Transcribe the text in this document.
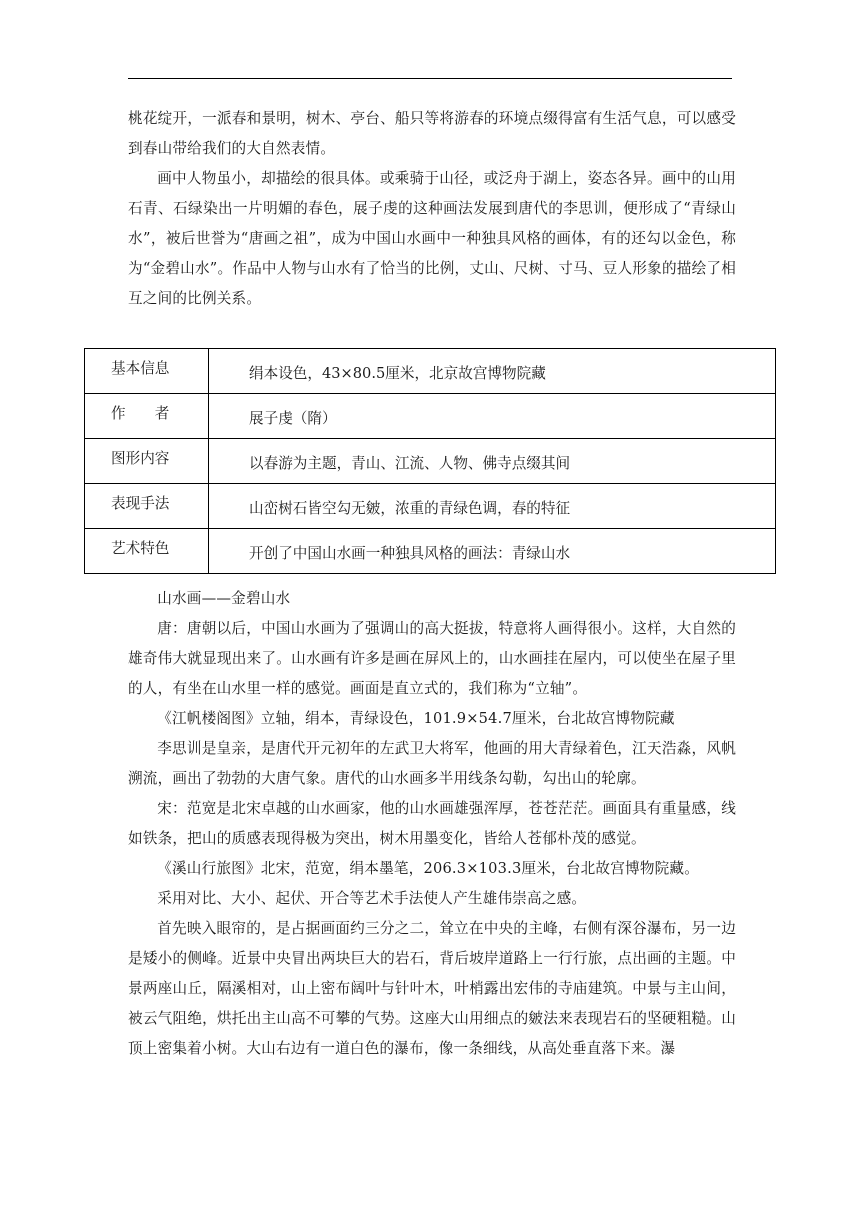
桃花绽开，一派春和景明，树木、亭台、船只等将游春的环境点缀得富有生活气息，可以感受到春山带给我们的大自然表情。

画中人物虽小，却描绘的很具体。或乘骑于山径，或泛舟于湖上，姿态各异。画中的山用石青、石绿染出一片明媚的春色，展子虔的这种画法发展到唐代的李思训，便形成了“青绿山水”，被后世誉为“唐画之祖”，成为中国山水画中一种独具风格的画体，有的还勾以金色，称为“金碧山水”。作品中人物与山水有了恰当的比例，丈山、尺树、寸马、豆人形象的描绘了相互之间的比例关系。

基本信息	绢本设色，43×80.5厘米，北京故宫博物院藏
作　　者	展子虔（隋）
图形内容	以春游为主题，青山、江流、人物、佛寺点缀其间
表现手法	山峦树石皆空勾无皴，浓重的青绿色调，春的特征
艺术特色	开创了中国山水画一种独具风格的画法：青绿山水

山水画——金碧山水

唐：唐朝以后，中国山水画为了强调山的高大挺拔，特意将人画得很小。这样，大自然的雄奇伟大就显现出来了。山水画有许多是画在屏风上的，山水画挂在屋内，可以使坐在屋子里的人，有坐在山水里一样的感觉。画面是直立式的，我们称为“立轴”。

《江帆楼阁图》立轴，绢本，青绿设色，101.9×54.7厘米，台北故宫博物院藏

李思训是皇亲，是唐代开元初年的左武卫大将军，他画的用大青绿着色，江天浩淼，风帆溯流，画出了勃勃的大唐气象。唐代的山水画多半用线条勾勒，勾出山的轮廓。

宋：范宽是北宋卓越的山水画家，他的山水画雄强浑厚，苍苍茫茫。画面具有重量感，线如铁条，把山的质感表现得极为突出，树木用墨变化，皆给人苍郁朴茂的感觉。

《溪山行旅图》北宋，范宽，绢本墨笔，206.3×103.3厘米，台北故宫博物院藏。

采用对比、大小、起伏、开合等艺术手法使人产生雄伟崇高之感。

首先映入眼帘的，是占据画面约三分之二，耸立在中央的主峰，右侧有深谷瀑布，另一边是矮小的侧峰。近景中央冒出两块巨大的岩石，背后坡岸道路上一行行旅，点出画的主题。中景两座山丘，隔溪相对，山上密布阔叶与针叶木，叶梢露出宏伟的寺庙建筑。中景与主山间，被云气阻绝，烘托出主山高不可攀的气势。这座大山用细点的皴法来表现岩石的坚硬粗糙。山顶上密集着小树。大山右边有一道白色的瀑布，像一条细线，从高处垂直落下来。瀑
